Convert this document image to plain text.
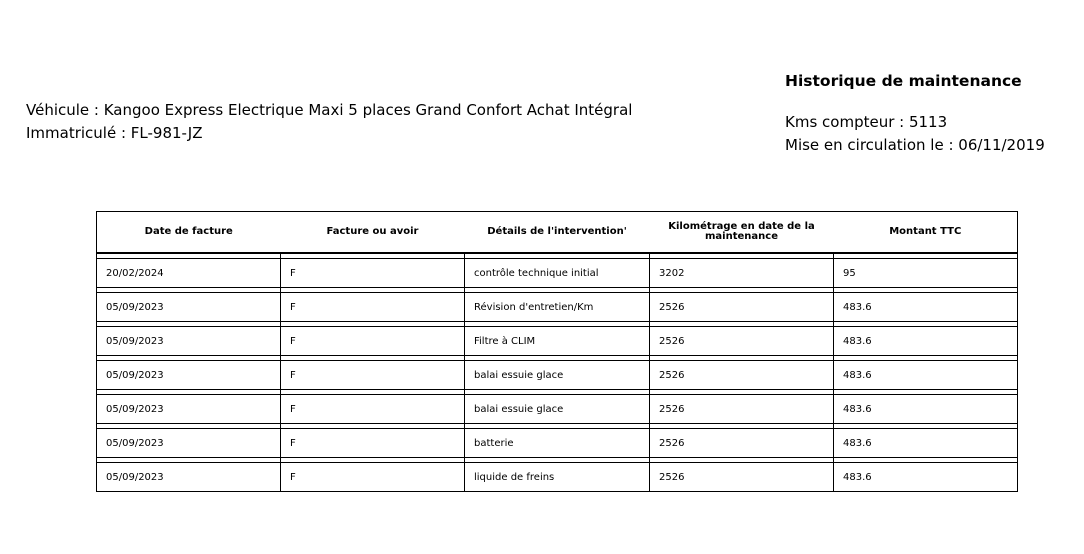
Véhicule : Kangoo Express Electrique Maxi 5 places Grand Confort Achat Intégral
Immatriculé : FL-981-JZ
Historique de maintenance
Kms compteur : 5113
Mise en circulation le : 06/11/2019
Date de facture	Facture ou avoir	Détails de l'intervention'	Kilométrage en date de la maintenance	Montant TTC

20/02/2024	F	contrôle technique initial	3202	95

05/09/2023	F	Révision d'entretien/Km	2526	483.6

05/09/2023	F	Filtre à CLIM	2526	483.6

05/09/2023	F	balai essuie glace	2526	483.6

05/09/2023	F	balai essuie glace	2526	483.6

05/09/2023	F	batterie	2526	483.6

05/09/2023	F	liquide de freins	2526	483.6
